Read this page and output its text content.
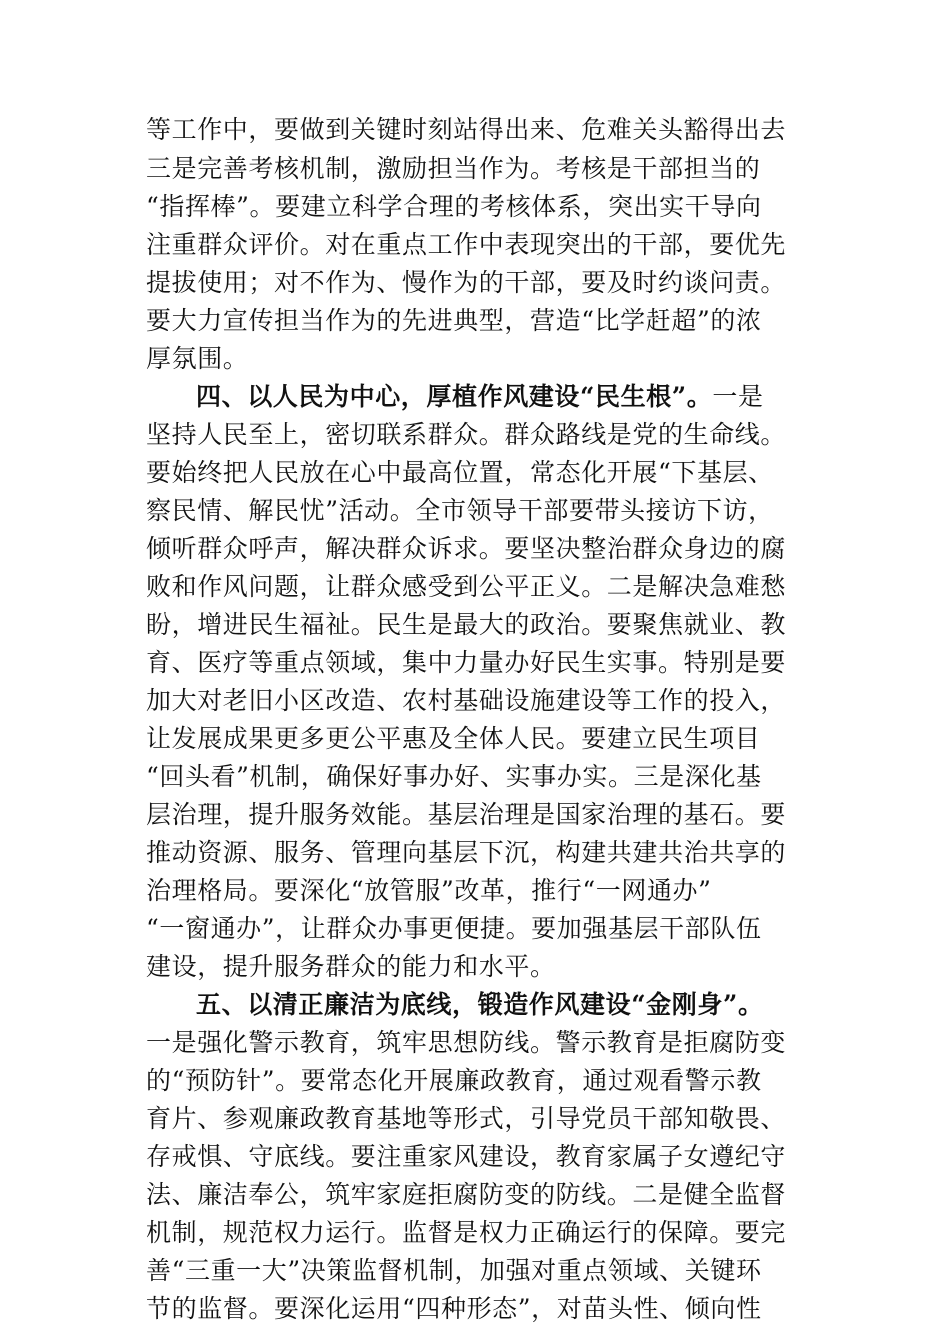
等工作中，要做到关键时刻站得出来、危难关头豁得出去
三是完善考核机制，激励担当作为。考核是干部担当的
“指挥棒”。要建立科学合理的考核体系，突出实干导向
注重群众评价。对在重点工作中表现突出的干部，要优先
提拔使用；对不作为、慢作为的干部，要及时约谈问责。
要大力宣传担当作为的先进典型，营造“比学赶超”的浓
厚氛围。
四、以人民为中心，厚植作风建设“民生根”。一是
坚持人民至上，密切联系群众。群众路线是党的生命线。
要始终把人民放在心中最高位置，常态化开展“下基层、
察民情、解民忧”活动。全市领导干部要带头接访下访，
倾听群众呼声，解决群众诉求。要坚决整治群众身边的腐
败和作风问题，让群众感受到公平正义。二是解决急难愁
盼，增进民生福祉。民生是最大的政治。要聚焦就业、教
育、医疗等重点领域，集中力量办好民生实事。特别是要
加大对老旧小区改造、农村基础设施建设等工作的投入，
让发展成果更多更公平惠及全体人民。要建立民生项目
“回头看”机制，确保好事办好、实事办实。三是深化基
层治理，提升服务效能。基层治理是国家治理的基石。要
推动资源、服务、管理向基层下沉，构建共建共治共享的
治理格局。要深化“放管服”改革，推行“一网通办”
“一窗通办”，让群众办事更便捷。要加强基层干部队伍
建设，提升服务群众的能力和水平。
五、以清正廉洁为底线，锻造作风建设“金刚身”。
一是强化警示教育，筑牢思想防线。警示教育是拒腐防变
的“预防针”。要常态化开展廉政教育，通过观看警示教
育片、参观廉政教育基地等形式，引导党员干部知敬畏、
存戒惧、守底线。要注重家风建设，教育家属子女遵纪守
法、廉洁奉公，筑牢家庭拒腐防变的防线。二是健全监督
机制，规范权力运行。监督是权力正确运行的保障。要完
善“三重一大”决策监督机制，加强对重点领域、关键环
节的监督。要深化运用“四种形态”，对苗头性、倾向性
